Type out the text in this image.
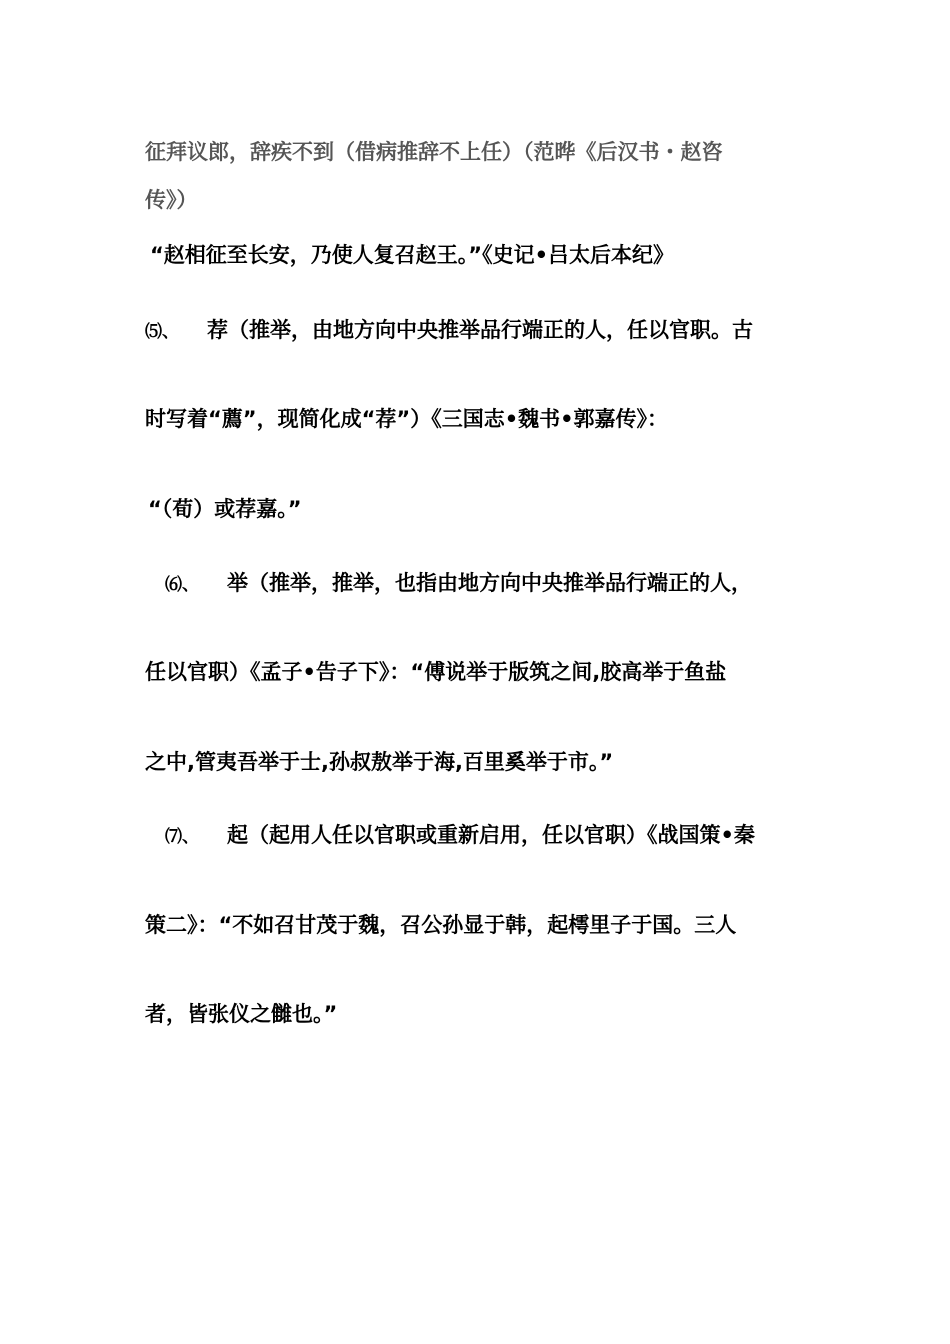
征拜议郎，辞疾不到（借病推辞不上任）（范晔《后汉书・赵咨
传》）
“赵相征至长安，乃使人复召赵王。”《史记•吕太后本纪》
⑸、 荐（推举，由地方向中央推举品行端正的人，任以官职。古
时写着“薦”，现简化成“荐”）《三国志•魏书•郭嘉传》：
“（荀）或荐嘉。”
⑹、 举（推举，推举，也指由地方向中央推举品行端正的人，
任以官职）《孟子•告子下》：“傅说举于版筑之间,胶高举于鱼盐
之中,管夷吾举于士,孙叔敖举于海,百里奚举于市。”
⑺、 起（起用人任以官职或重新启用，任以官职）《战国策•秦
策二》：“不如召甘茂于魏，召公孙显于韩，起樗里子于国。三人
者，皆张仪之雠也。”
